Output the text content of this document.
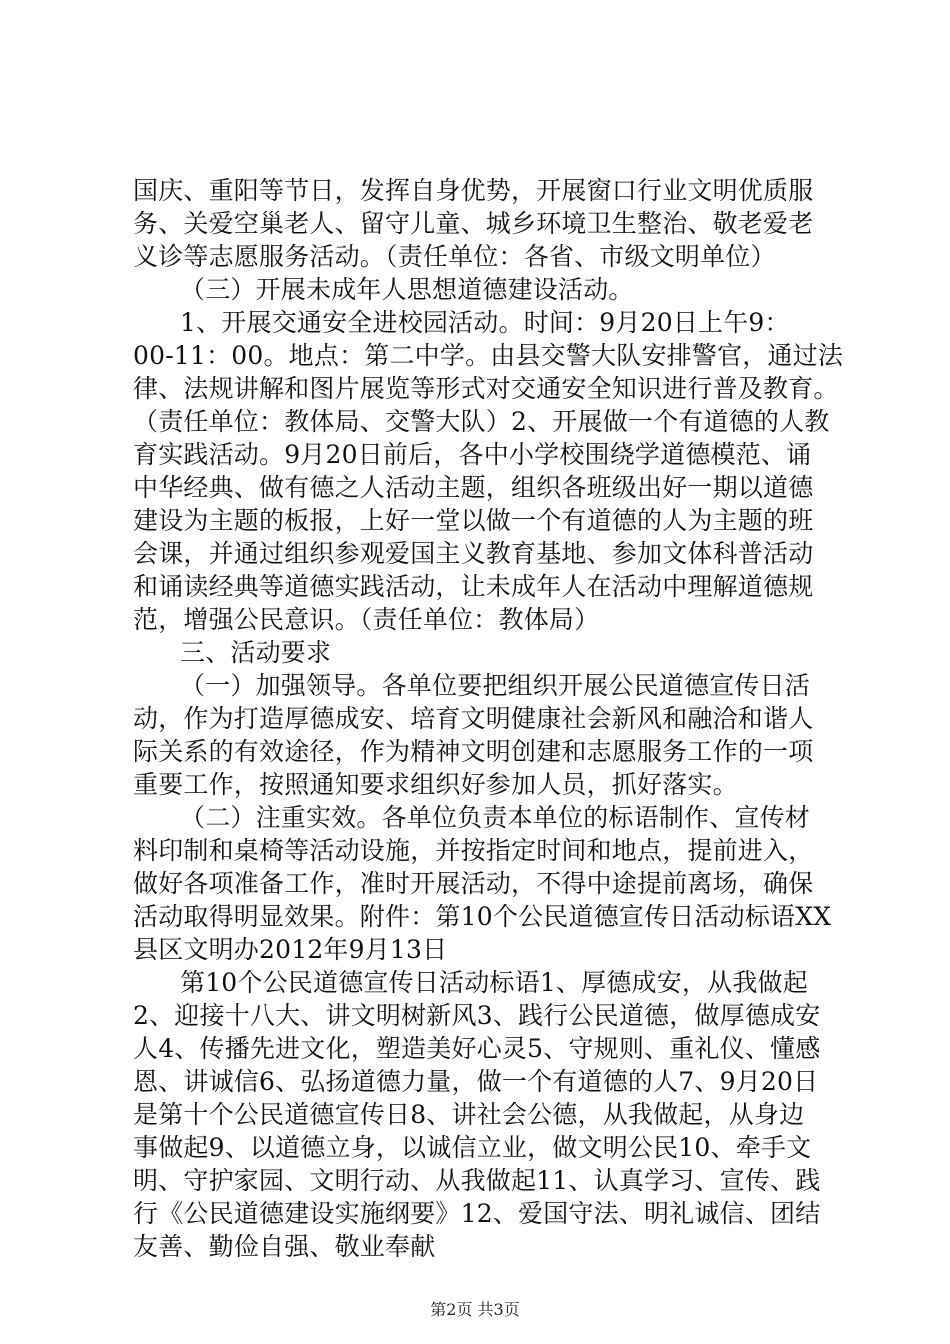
国庆、重阳等节日，发挥自身优势，开展窗口行业文明优质服
务、关爱空巢老人、留守儿童、城乡环境卫生整治、敬老爱老
义诊等志愿服务活动。（责任单位：各省、市级文明单位）
（三）开展未成年人思想道德建设活动。
1、开展交通安全进校园活动。时间：9月20日上午9：
00-11：00。地点：第二中学。由县交警大队安排警官，通过法
律、法规讲解和图片展览等形式对交通安全知识进行普及教育。
（责任单位：教体局、交警大队）2、开展做一个有道德的人教
育实践活动。9月20日前后，各中小学校围绕学道德模范、诵
中华经典、做有德之人活动主题，组织各班级出好一期以道德
建设为主题的板报，上好一堂以做一个有道德的人为主题的班
会课，并通过组织参观爱国主义教育基地、参加文体科普活动
和诵读经典等道德实践活动，让未成年人在活动中理解道德规
范，增强公民意识。（责任单位：教体局）
三、活动要求
（一）加强领导。各单位要把组织开展公民道德宣传日活
动，作为打造厚德成安、培育文明健康社会新风和融洽和谐人
际关系的有效途径，作为精神文明创建和志愿服务工作的一项
重要工作，按照通知要求组织好参加人员，抓好落实。
（二）注重实效。各单位负责本单位的标语制作、宣传材
料印制和桌椅等活动设施，并按指定时间和地点，提前进入，
做好各项准备工作，准时开展活动，不得中途提前离场，确保
活动取得明显效果。附件：第10个公民道德宣传日活动标语XX
县区文明办2012年9月13日
第10个公民道德宣传日活动标语1、厚德成安，从我做起
2、迎接十八大、讲文明树新风3、践行公民道德，做厚德成安
人4、传播先进文化，塑造美好心灵5、守规则、重礼仪、懂感
恩、讲诚信6、弘扬道德力量，做一个有道德的人7、9月20日
是第十个公民道德宣传日8、讲社会公德，从我做起，从身边
事做起9、以道德立身，以诚信立业，做文明公民10、牵手文
明、守护家园、文明行动、从我做起11、认真学习、宣传、践
行《公民道德建设实施纲要》12、爱国守法、明礼诚信、团结
友善、勤俭自强、敬业奉献
第2页 共3页
